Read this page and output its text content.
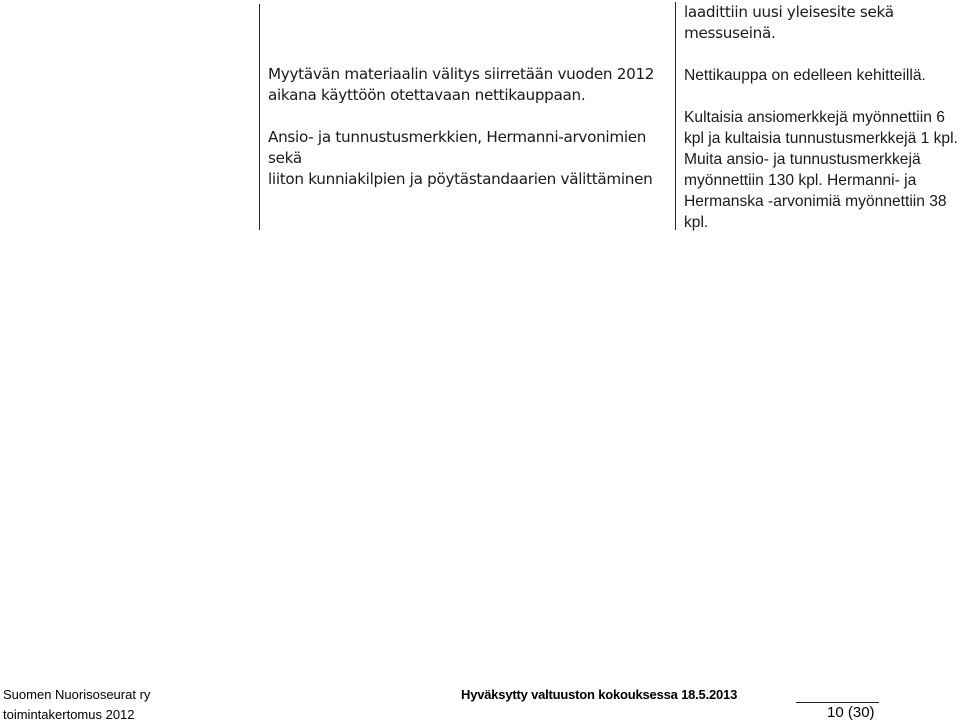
Myytävän materiaalin välitys siirretään vuoden 2012
aikana käyttöön otettavaan nettikauppaan.

Ansio- ja tunnustusmerkkien, Hermanni-arvonimien sekä
liiton kunniakilpien ja pöytästandaarien välittäminen

laadittiin uusi yleisesite sekä
messuseinä.

Nettikauppa on edelleen kehitteillä.

Kultaisia ansiomerkkejä myönnettiin 6
kpl ja kultaisia tunnustusmerkkejä 1 kpl.
Muita ansio- ja tunnustusmerkkejä
myönnettiin 130 kpl. Hermanni- ja
Hermanska -arvonimiä myönnettiin 38
kpl.

Suomen Nuorisoseurat ry
toimintakertomus 2012
Hyväksytty valtuuston kokouksessa 18.5.2013
10 (30)
